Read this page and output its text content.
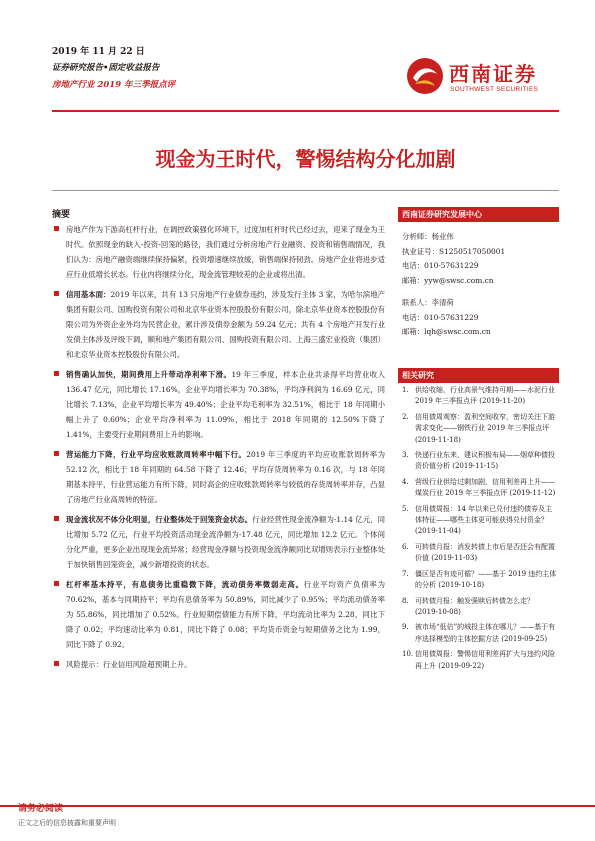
2019 年 11 月 22 日
证券研究报告•固定收益报告
房地产行业 2019 年三季报点评	西南证券
SOUTHWEST SECURITIES
现金为王时代，警惕结构分化加剧
摘要
房地产作为下游高杠杆行业，在调控政策强化环境下，过度加杠杆时代已经过去，迎来了现金为王时代。依照现金的缺入-投资-回笼的路径，我们通过分析房地产行业融资、投资和销售端情况，我们认为：房地产融资端继续保持偏紧，投资增速继续放缓，销售端保持韧劲。房地产企业将进步适应行业低增长状态。行业内将继续分化，现金流管理较差的企业或将出清。
信用基本面：2019 年以来，共有 13 只房地产行业债券违约，涉及发行主体 3 家，为哈尔滨地产集团有限公司、国购投资有限公司和北京华业资本控股股份有限公司，除北京华业资本控股股份有限公司为外资企业外均为民营企业，累计涉及债券金额为 59.24 亿元；共有 4 个房地产开发行业发债主体涉及评级下调，顺和地产集团有限公司、国购投资有限公司、上海三盛宏业投资（集团）和北京华业资本控股股份有限公司。
销售确认加快，期间费用上升带动净利率下滑。19 年三季度，样本企业共录得平均营业收入 136.47 亿元，同比增长 17.16%，企业平均增长率为 70.38%，平均净利润为 16.69 亿元，同比增长 7.13%，企业平均增长率为 49.40%；企业平均毛利率为 32.51%，相比于 18 年同期小幅上升了 0.60%；企业平均净利率为 11.09%，相比于 2018 年同期的 12.50%下降了 1.41%，主要受行业期间费用上升的影响。
营运能力下降，行业平均应收账款周转率中幅下行。2019 年三季度的平均应收账款周转率为 52.12 次，相比于 18 年同期的 64.58 下降了 12.46；平均存货周转率为 0.16 次，与 18 年同期基本持平，行业营运能力有所下降，同时高企的应收账款周转率与较低的存货周转率并存，凸显了房地产行业高周转的特征。
现金流状况不体分化明显，行业整体处于回笼资金状态。行业经营性现金流净额为-1.14 亿元，同比增加 5.72 亿元，行业平均投资活动现金流净额为-17.48 亿元，同比增加 12.2 亿元。个体间分化严重，更多企业出现现金流异常；经营现金净额与投资现金流净额同比双增则表示行业整体处于加快销售回笼资金，减少新增投资的状态。
杠杆率基本持平，有息债务比重稳微下降，流动债务率微弱走高。行业平均资产负债率为 70.62%，基本与同期持平；平均有息债务率为 50.89%，同比减少了 0.95%；平均流动债务率为 55.86%，同比增加了 0.52%。行业短期偿债能力有所下降，平均流动比率为 2.28，同比下降了 0.02；平均速动比率为 0.81，同比下降了 0.08；平均货币资金与短期债务之比为 1.99，同比下降了 0.92。
风险提示：行业信用风险超预期上升。
西南证券研究发展中心
分析师：杨业伟
执业证号：S1250517050001
电话：010-57631229
邮箱：yyw@swsc.com.cn
联系人：李清荷
电话：010-57631229
邮箱：lqh@swsc.com.cn
相关研究
1. 供给收缩，行业高景气维持可期——水泥行业 2019 年三季报点评 (2019-11-20)
2. 信用债周观察：盈利空间收窄，密切关注下游需求变化——钢铁行业 2019 年三季报点评 (2019-11-18)
3. 快递行业东来，建议积极布局——烟草种债投资价值分析 (2019-11-15)
4. 营级行业供给过剩加剧，信用利差再上升——煤炭行业 2019 年三季报点评 (2019-11-12)
5. 信用债周报：14 年以来已兑付违约债券及主体特征——哪些主体更可能获得兑付资金？ (2019-11-04)
6. 可转债月报：消发转债上市后是否还会有配置价值 (2019-11-03)
7. 僵区是否有迹可循？——基于 2019 违约主体的分析 (2019-10-18)
8. 可转债月报：触发强赎后转债怎么走？ (2019-10-08)
9. 被市场“低估”的城投主体在哪儿？——基于有序选择模型的主体挖掘方法 (2019-09-25)
10. 信用债周报：警惕信用利差再扩大与违约风险再上升 (2019-09-22)
请务必阅读
正文之后的信息披露和重要声明
